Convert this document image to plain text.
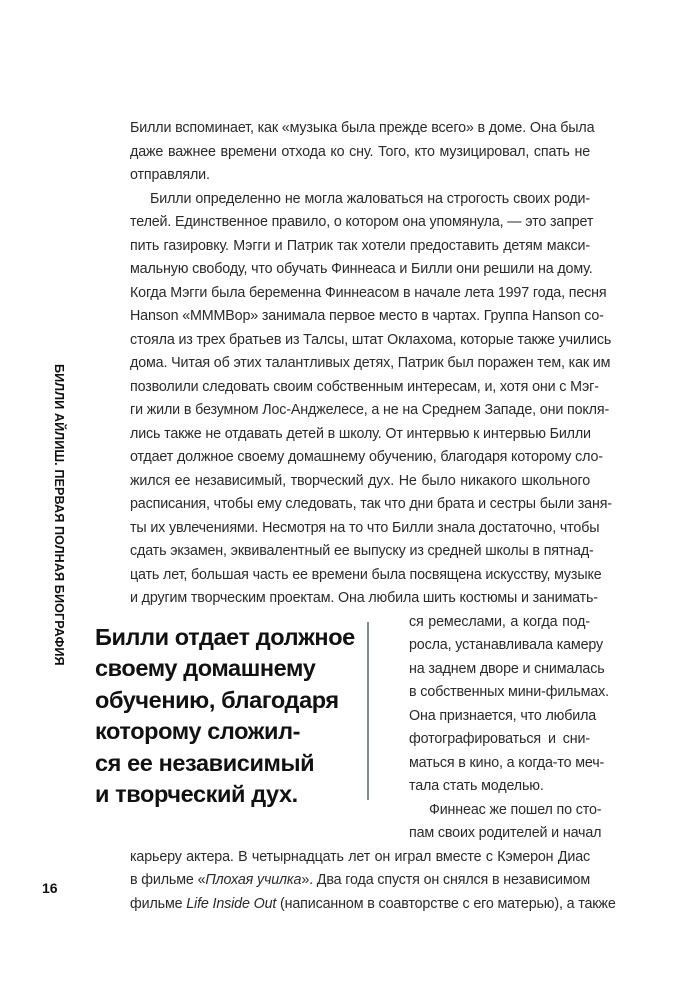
БИЛЛИ АЙЛИШ. ПЕРВАЯ ПОЛНАЯ БИОГРАФИЯ
16
Билли вспоминает, как «музыка была прежде всего» в доме. Она была
даже важнее времени отхода ко сну. Того, кто музицировал, спать не
отправляли.
Билли определенно не могла жаловаться на строгость своих роди-
телей. Единственное правило, о котором она упомянула, — это запрет
пить газировку. Мэгги и Патрик так хотели предоставить детям макси-
мальную свободу, что обучать Финнеаса и Билли они решили на дому.
Когда Мэгги была беременна Финнеасом в начале лета 1997 года, песня
Hanson «MMMBop» занимала первое место в чартах. Группа Hanson со-
стояла из трех братьев из Талсы, штат Оклахома, которые также учились
дома. Читая об этих талантливых детях, Патрик был поражен тем, как им
позволили следовать своим собственным интересам, и, хотя они с Мэг-
ги жили в безумном Лос-Анджелесе, а не на Среднем Западе, они покля-
лись также не отдавать детей в школу. От интервью к интервью Билли
отдает должное своему домашнему обучению, благодаря которому сло-
жился ее независимый, творческий дух. Не было никакого школьного
расписания, чтобы ему следовать, так что дни брата и сестры были заня-
ты их увлечениями. Несмотря на то что Билли знала достаточно, чтобы
сдать экзамен, эквивалентный ее выпуску из средней школы в пятнад-
цать лет, большая часть ее времени была посвящена искусству, музыке
и другим творческим проектам. Она любила шить костюмы и занимать-
ся ремеслами, а когда под-
росла, устанавливала камеру
на заднем дворе и снималась
в собственных мини-фильмах.
Она признается, что любила
фотографироваться и сни-
маться в кино, а когда-то меч-
тала стать моделью.
Финнеас же пошел по сто-
пам своих родителей и начал
карьеру актера. В четырнадцать лет он играл вместе с Кэмерон Диас
в фильме «Плохая училка». Два года спустя он снялся в независимом
фильме Life Inside Out (написанном в соавторстве с его матерью), а также
Билли отдает должное
своему домашнему
обучению, благодаря
которому сложил-
ся ее независимый
и творческий дух.
